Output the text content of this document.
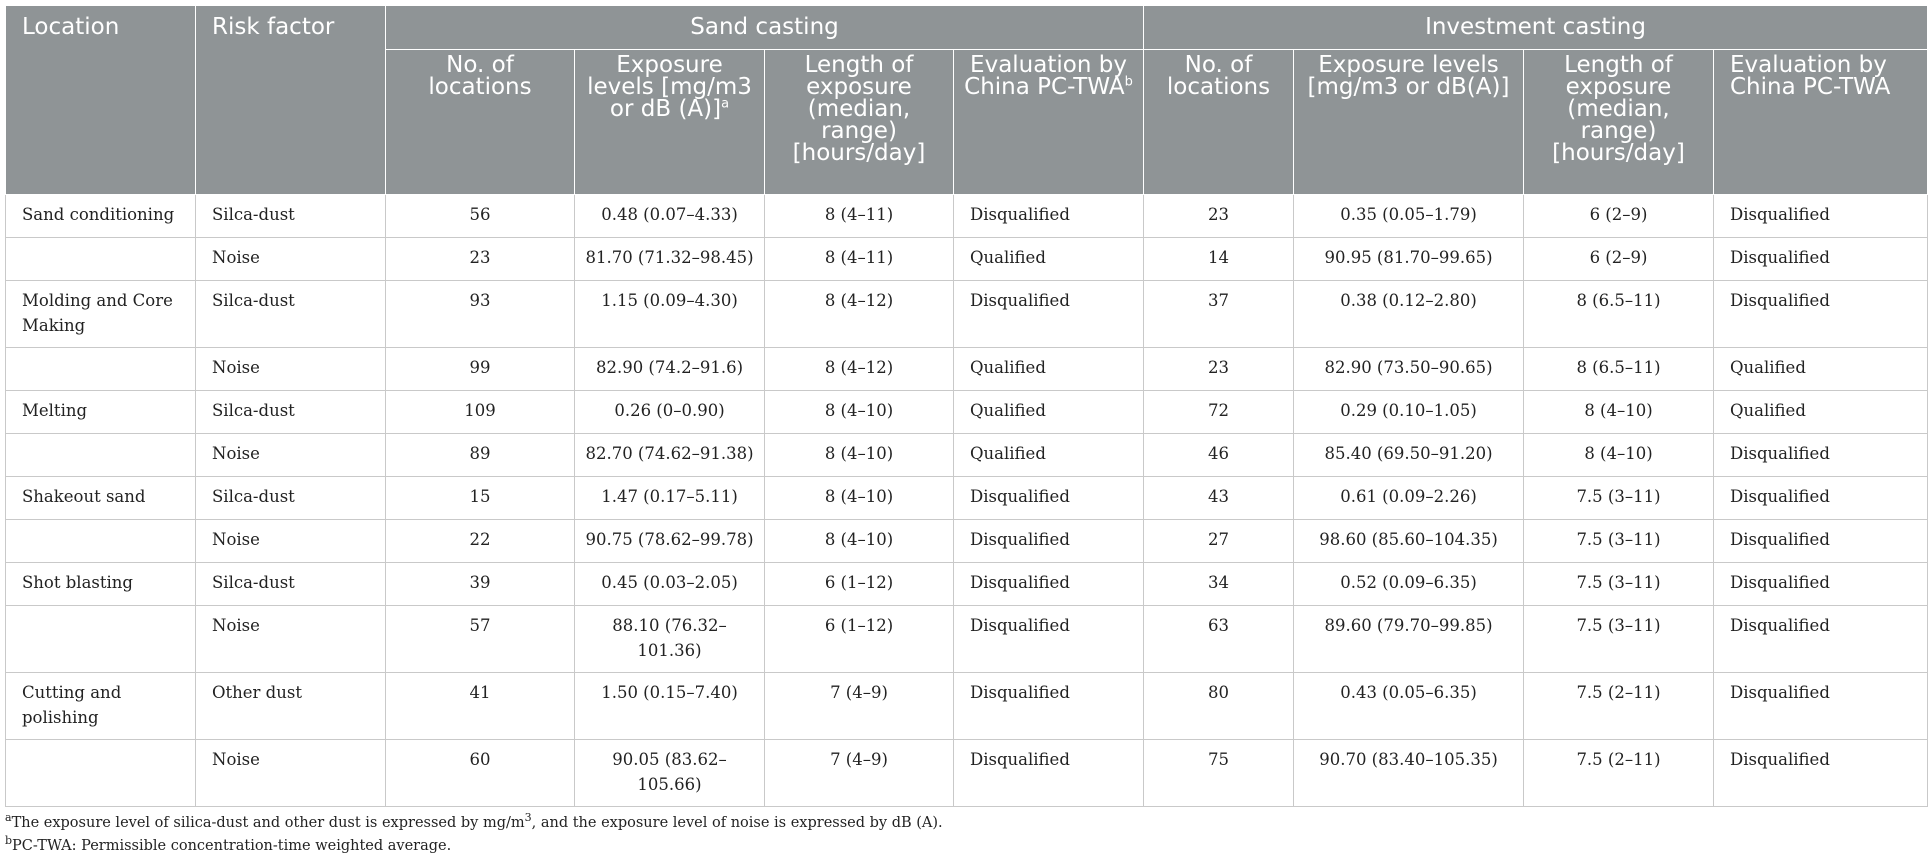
Location	Risk factor	Sand casting				Investment casting			
		No. of locations	Exposure levels [mg/m3 or dB (A)]$^a$	Length of exposure (median, range) [hours/day]	Evaluation by China PC-TWA$^b$	No. of locations	Exposure levels [mg/m3 or dB(A)]	Length of exposure (median, range) [hours/day]	Evaluation by China PC-TWA
Sand conditioning	Silca-dust	56	0.48 (0.07–4.33)	8 (4–11)	Disqualified	23	0.35 (0.05–1.79)	6 (2–9)	Disqualified
	Noise	23	81.70 (71.32–98.45)	8 (4–11)	Qualified	14	90.95 (81.70–99.65)	6 (2–9)	Disqualified
Molding and Core Making	Silca-dust	93	1.15 (0.09–4.30)	8 (4–12)	Disqualified	37	0.38 (0.12–2.80)	8 (6.5–11)	Disqualified
	Noise	99	82.90 (74.2–91.6)	8 (4–12)	Qualified	23	82.90 (73.50–90.65)	8 (6.5–11)	Qualified
Melting	Silca-dust	109	0.26 (0–0.90)	8 (4–10)	Qualified	72	0.29 (0.10–1.05)	8 (4–10)	Qualified
	Noise	89	82.70 (74.62–91.38)	8 (4–10)	Qualified	46	85.40 (69.50–91.20)	8 (4–10)	Disqualified
Shakeout sand	Silca-dust	15	1.47 (0.17–5.11)	8 (4–10)	Disqualified	43	0.61 (0.09–2.26)	7.5 (3–11)	Disqualified
	Noise	22	90.75 (78.62–99.78)	8 (4–10)	Disqualified	27	98.60 (85.60–104.35)	7.5 (3–11)	Disqualified
Shot blasting	Silca-dust	39	0.45 (0.03–2.05)	6 (1–12)	Disqualified	34	0.52 (0.09–6.35)	7.5 (3–11)	Disqualified
	Noise	57	88.10 (76.32–101.36)	6 (1–12)	Disqualified	63	89.60 (79.70–99.85)	7.5 (3–11)	Disqualified
Cutting and polishing	Other dust	41	1.50 (0.15–7.40)	7 (4–9)	Disqualified	80	0.43 (0.05–6.35)	7.5 (2–11)	Disqualified
	Noise	60	90.05 (83.62–105.66)	7 (4–9)	Disqualified	75	90.70 (83.40–105.35)	7.5 (2–11)	Disqualified
$^a$The exposure level of silica-dust and other dust is expressed by $mg/m^3$, and the exposure level of noise is expressed by dB (A).
$^b$PC-TWA: Permissible concentration-time weighted average.
